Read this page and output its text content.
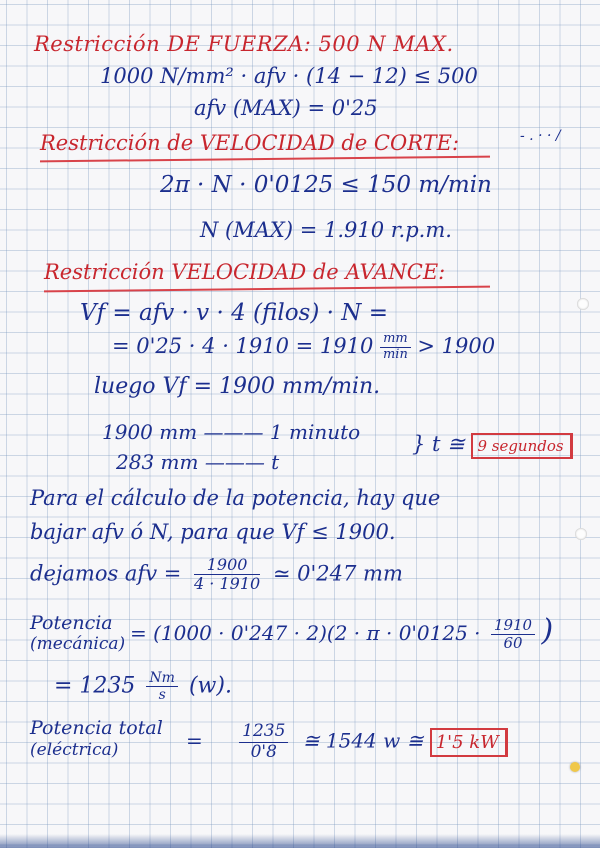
Restricción DE FUERZA: 500 N MAX.
1000 N/mm² · afv · (14 − 12) ≤ 500
afv (MAX) = 0'25
Restricción de VELOCIDAD de CORTE:	- . · · /
2π · N · 0'0125 ≤ 150 m/min
N (MAX) = 1.910 r.p.m.
Restricción VELOCIDAD de AVANCE:
Vf = afv · v · 4 (filos) · N =
= $0'25 \cdot 4 \cdot 1910 = 1910 \frac{mm}{\min} > 1900$
luego Vf = 1900 mm/min.
1900 mm ——— 1 minuto
283 mm ——— t
} t ≅ 9 segundos
Para el cálculo de la potencia, hay que
bajar afv ó N, para que Vf ≤ 1900.
dejamos afv = $\frac{1900}{4 \cdot 1910}$ ≃ 0'247 mm
Potencia
(mecánica) = $(1000 \cdot 0'247 \cdot 2)(2 \cdot \pi \cdot 0'0125 \cdot \frac{1910}{60}$ )
= $1235 \frac{Nm}{s} (w)$.
Potencia total
(eléctrica)	= $\frac{1235}{0'8}$ ≅ 1544 w ≅ 1'5 kW
